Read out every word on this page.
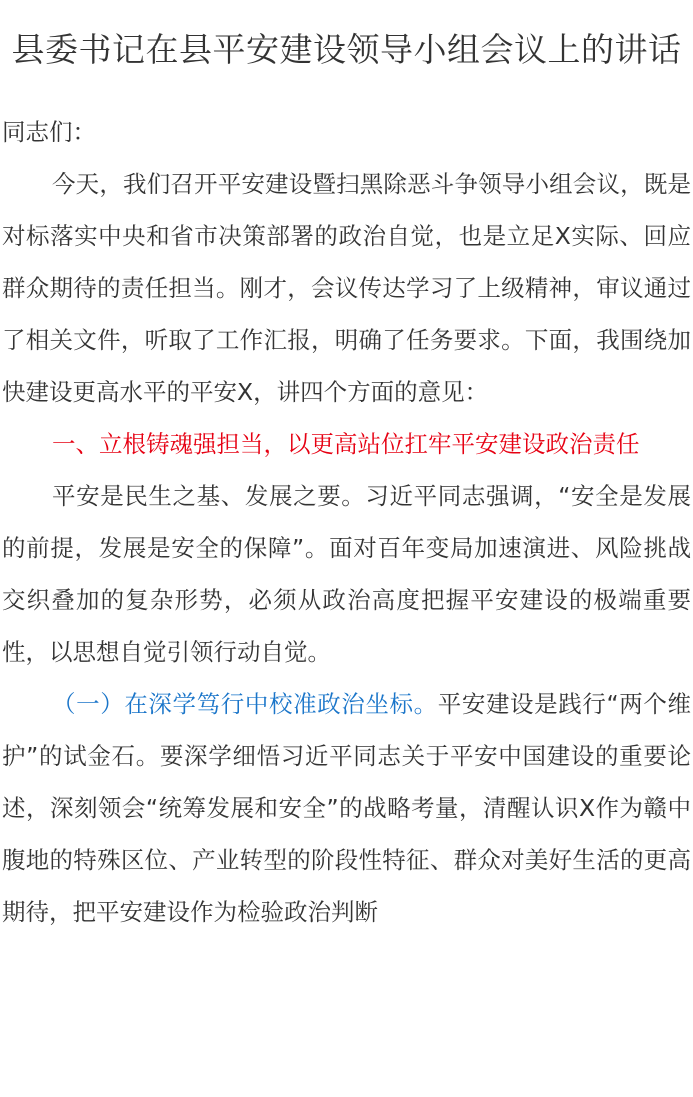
县委书记在县平安建设领导小组会议上的讲话

同志们：

今天，我们召开平安建设暨扫黑除恶斗争领导小组会议，既是对标落实中央和省市决策部署的政治自觉，也是立足X实际、回应群众期待的责任担当。刚才，会议传达学习了上级精神，审议通过了相关文件，听取了工作汇报，明确了任务要求。下面，我围绕加快建设更高水平的平安X，讲四个方面的意见：

一、立根铸魂强担当，以更高站位扛牢平安建设政治责任

平安是民生之基、发展之要。习近平同志强调，“安全是发展的前提，发展是安全的保障”。面对百年变局加速演进、风险挑战交织叠加的复杂形势，必须从政治高度把握平安建设的极端重要性，以思想自觉引领行动自觉。

（一）在深学笃行中校准政治坐标。平安建设是践行“两个维护”的试金石。要深学细悟习近平同志关于平安中国建设的重要论述，深刻领会“统筹发展和安全”的战略考量，清醒认识X作为赣中腹地的特殊区位、产业转型的阶段性特征、群众对美好生活的更高期待，把平安建设作为检验政治判断
